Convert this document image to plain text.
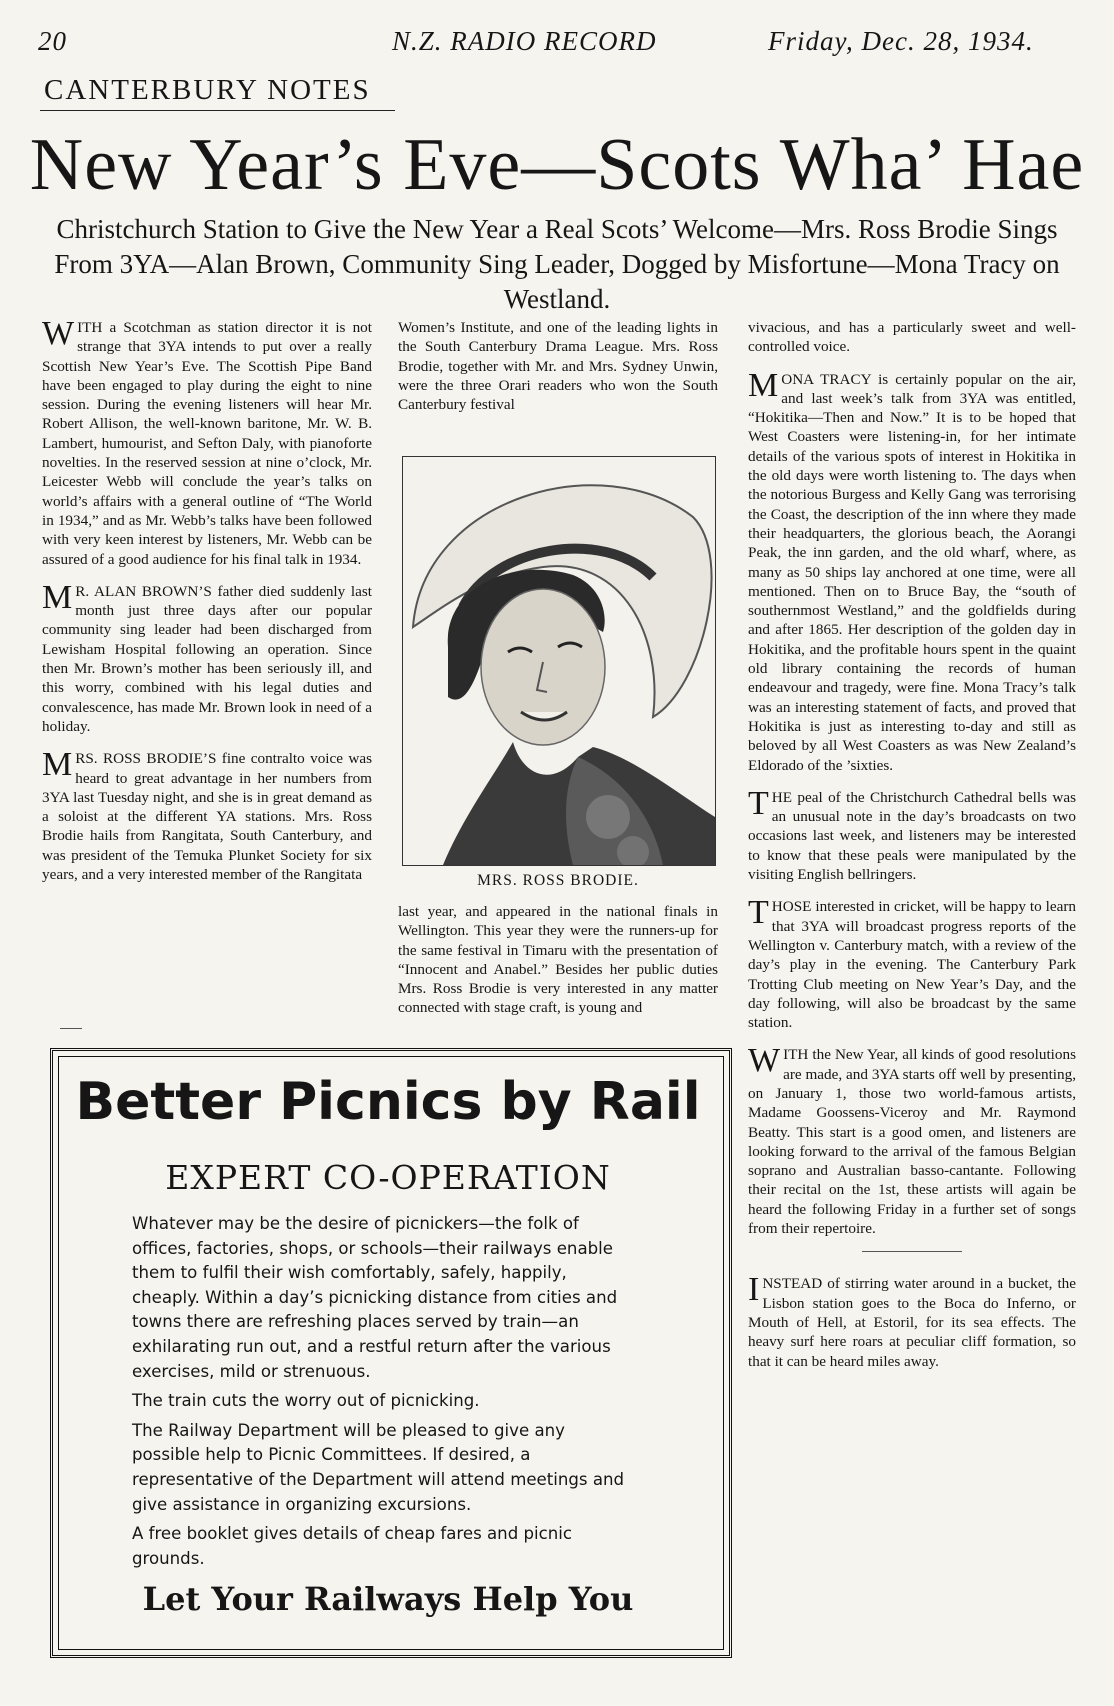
20	N.Z. RADIO RECORD	Friday, Dec. 28, 1934.
CANTERBURY NOTES
New Year’s Eve—Scots Wha’ Hae
Christchurch Station to Give the New Year a Real Scots’ Welcome—Mrs. Ross Brodie Sings From 3YA—Alan Brown, Community Sing Leader, Dogged by Misfortune—Mona Tracy on Westland.

WITH a Scotchman as station director it is not strange that 3YA intends to put over a really Scottish New Year’s Eve. The Scottish Pipe Band have been engaged to play during the eight to nine session. During the evening listeners will hear Mr. Robert Allison, the well-known baritone, Mr. W. B. Lambert, humourist, and Sefton Daly, with pianoforte novelties. In the reserved session at nine o’clock, Mr. Leicester Webb will conclude the year’s talks on world’s affairs with a general outline of “The World in 1934,” and as Mr. Webb’s talks have been followed with very keen interest by listeners, Mr. Webb can be assured of a good audience for his final talk in 1934.

M R. ALAN BROWN’S father died suddenly last month just three days after our popular community sing leader had been discharged from Lewisham Hospital following an operation. Since then Mr. Brown’s mother has been seriously ill, and this worry, combined with his legal duties and convalescence, has made Mr. Brown look in need of a holiday.

MRS. ROSS BRODIE’S fine contralto voice was heard to great advantage in her numbers from 3YA last Tuesday night, and she is in great demand as a soloist at the different YA stations. Mrs. Ross Brodie hails from Rangitata, South Canterbury, and was president of the Temuka Plunket Society for six years, and a very interested member of the Rangitata

Women’s Institute, and one of the leading lights in the South Canterbury Drama League. Mrs. Ross Brodie, together with Mr. and Mrs. Sydney Unwin, were the three Orari readers who won the South Canterbury festival

MRS. ROSS BRODIE.

last year, and appeared in the national finals in Wellington. This year they were the runners-up for the same festival in Timaru with the presentation of “Innocent and Anabel.” Besides her public duties Mrs. Ross Brodie is very interested in any matter connected with stage craft, is young and

vivacious, and has a particularly sweet and well-controlled voice.

MONA TRACY is certainly popular on the air, and last week’s talk from 3YA was entitled, “Hokitika—Then and Now.” It is to be hoped that West Coasters were listening-in, for her intimate details of the various spots of interest in Hokitika in the old days were worth listening to. The days when the notorious Burgess and Kelly Gang was terrorising the Coast, the description of the inn where they made their headquarters, the glorious beach, the Aorangi Peak, the inn garden, and the old wharf, where, as many as 50 ships lay anchored at one time, were all mentioned. Then on to Bruce Bay, the “south of southernmost Westland,” and the goldfields during and after 1865. Her description of the golden day in Hokitika, and the profitable hours spent in the quaint old library containing the records of human endeavour and tragedy, were fine. Mona Tracy’s talk was an interesting statement of facts, and proved that Hokitika is just as interesting to-day and still as beloved by all West Coasters as was New Zealand’s Eldorado of the ’sixties.

THE peal of the Christchurch Cathedral bells was an unusual note in the day’s broadcasts on two occasions last week, and listeners may be interested to know that these peals were manipulated by the visiting English bellringers.

THOSE interested in cricket, will be happy to learn that 3YA will broadcast progress reports of the Wellington v. Canterbury match, with a review of the day’s play in the evening. The Canterbury Park Trotting Club meeting on New Year’s Day, and the day following, will also be broadcast by the same station.

WITH the New Year, all kinds of good resolutions are made, and 3YA starts off well by presenting, on January 1, those two world-famous artists, Madame Goossens-Viceroy and Mr. Raymond Beatty. This start is a good omen, and listeners are looking forward to the arrival of the famous Belgian soprano and Australian basso-cantante. Following their recital on the 1st, these artists will again be heard the following Friday in a further set of songs from their repertoire.

INSTEAD of stirring water around in a bucket, the Lisbon station goes to the Boca do Inferno, or Mouth of Hell, at Estoril, for its sea effects. The heavy surf here roars at peculiar cliff formation, so that it can be heard miles away.

Better Picnics by Rail
EXPERT CO-OPERATION

Whatever may be the desire of picnickers—the folk of offices, factories, shops, or schools—their railways enable them to fulfil their wish comfortably, safely, happily, cheaply. Within a day’s picnicking distance from cities and towns there are refreshing places served by train—an exhilarating run out, and a restful return after the various exercises, mild or strenuous.

The train cuts the worry out of picnicking.

The Railway Department will be pleased to give any possible help to Picnic Committees. If desired, a representative of the Department will attend meetings and give assistance in organizing excursions.

A free booklet gives details of cheap fares and picnic grounds.

Let Your Railways Help You
